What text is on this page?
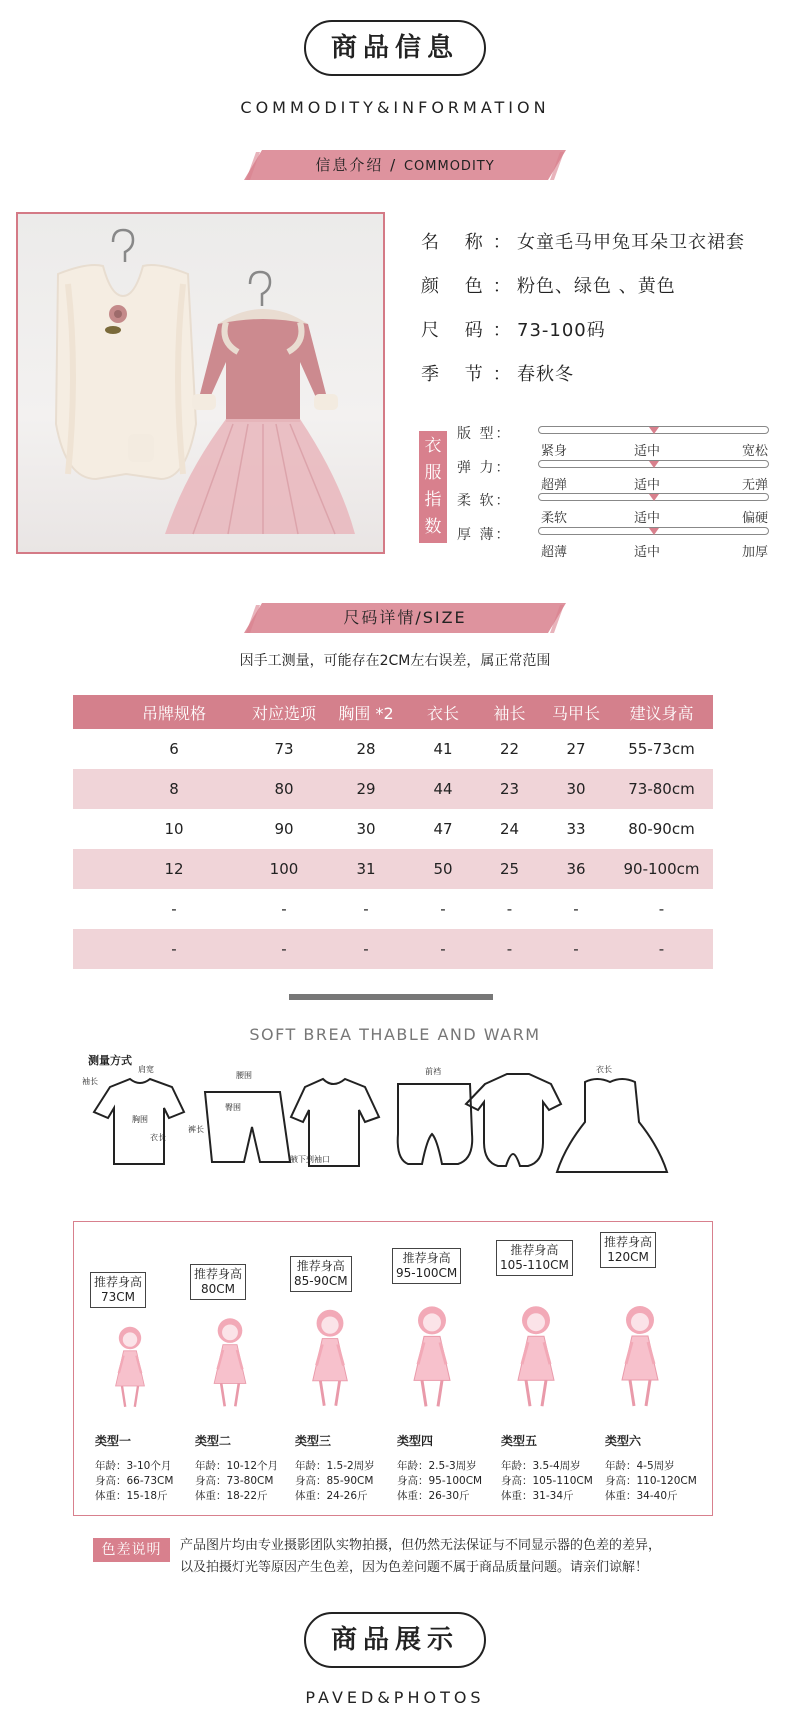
商品信息
COMMODITY&INFORMATION
信息介绍 / COMMODITY
名 称：女童毛马甲兔耳朵卫衣裙套
颜 色：粉色、绿色 、黄色
尺 码：73-100码
季 节：春秋冬
衣
服
指
数
版 型：
紧身	适中	宽松
弹 力：
超弹	适中	无弹
柔 软：
柔软	适中	偏硬
厚 薄：
超薄	适中	加厚
尺码详情/SIZE
因手工测量，可能存在2CM左右误差，属正常范围
吊牌规格	对应选项	胸围 *2	衣长	袖长	马甲长	建议身高
6	73	28	41	22	27	55-73cm
8	80	29	44	23	30	73-80cm
10	90	30	47	24	33	80-90cm
12	100	31	50	25	36	90-100cm
-	-	-	-	-	-	-
-	-	-	-	-	-	-
SOFT BREA THABLE AND WARM
测量方式
肩宽
袖长
胸围
衣长
腰围
臀围
裤长
腋下到袖口
前裆	衣长
推荐身高
73CM
类型一
年龄：3-10个月
身高：66-73CM
体重：15-18斤
推荐身高
80CM
类型二
年龄：10-12个月
身高：73-80CM
体重：18-22斤
推荐身高
85-90CM
类型三
年龄：1.5-2周岁
身高：85-90CM
体重：24-26斤
推荐身高
95-100CM
类型四
年龄：2.5-3周岁
身高：95-100CM
体重：26-30斤
推荐身高
105-110CM
类型五
年龄：3.5-4周岁
身高：105-110CM
体重：31-34斤
推荐身高
120CM
类型六
年龄：4-5周岁
身高：110-120CM
体重：34-40斤
色差说明	产品图片均由专业摄影团队实物拍摄，但仍然无法保证与不同显示器的色差的差异，
以及拍摄灯光等原因产生色差，因为色差问题不属于商品质量问题。请亲们谅解！
商品展示
PAVED&PHOTOS
